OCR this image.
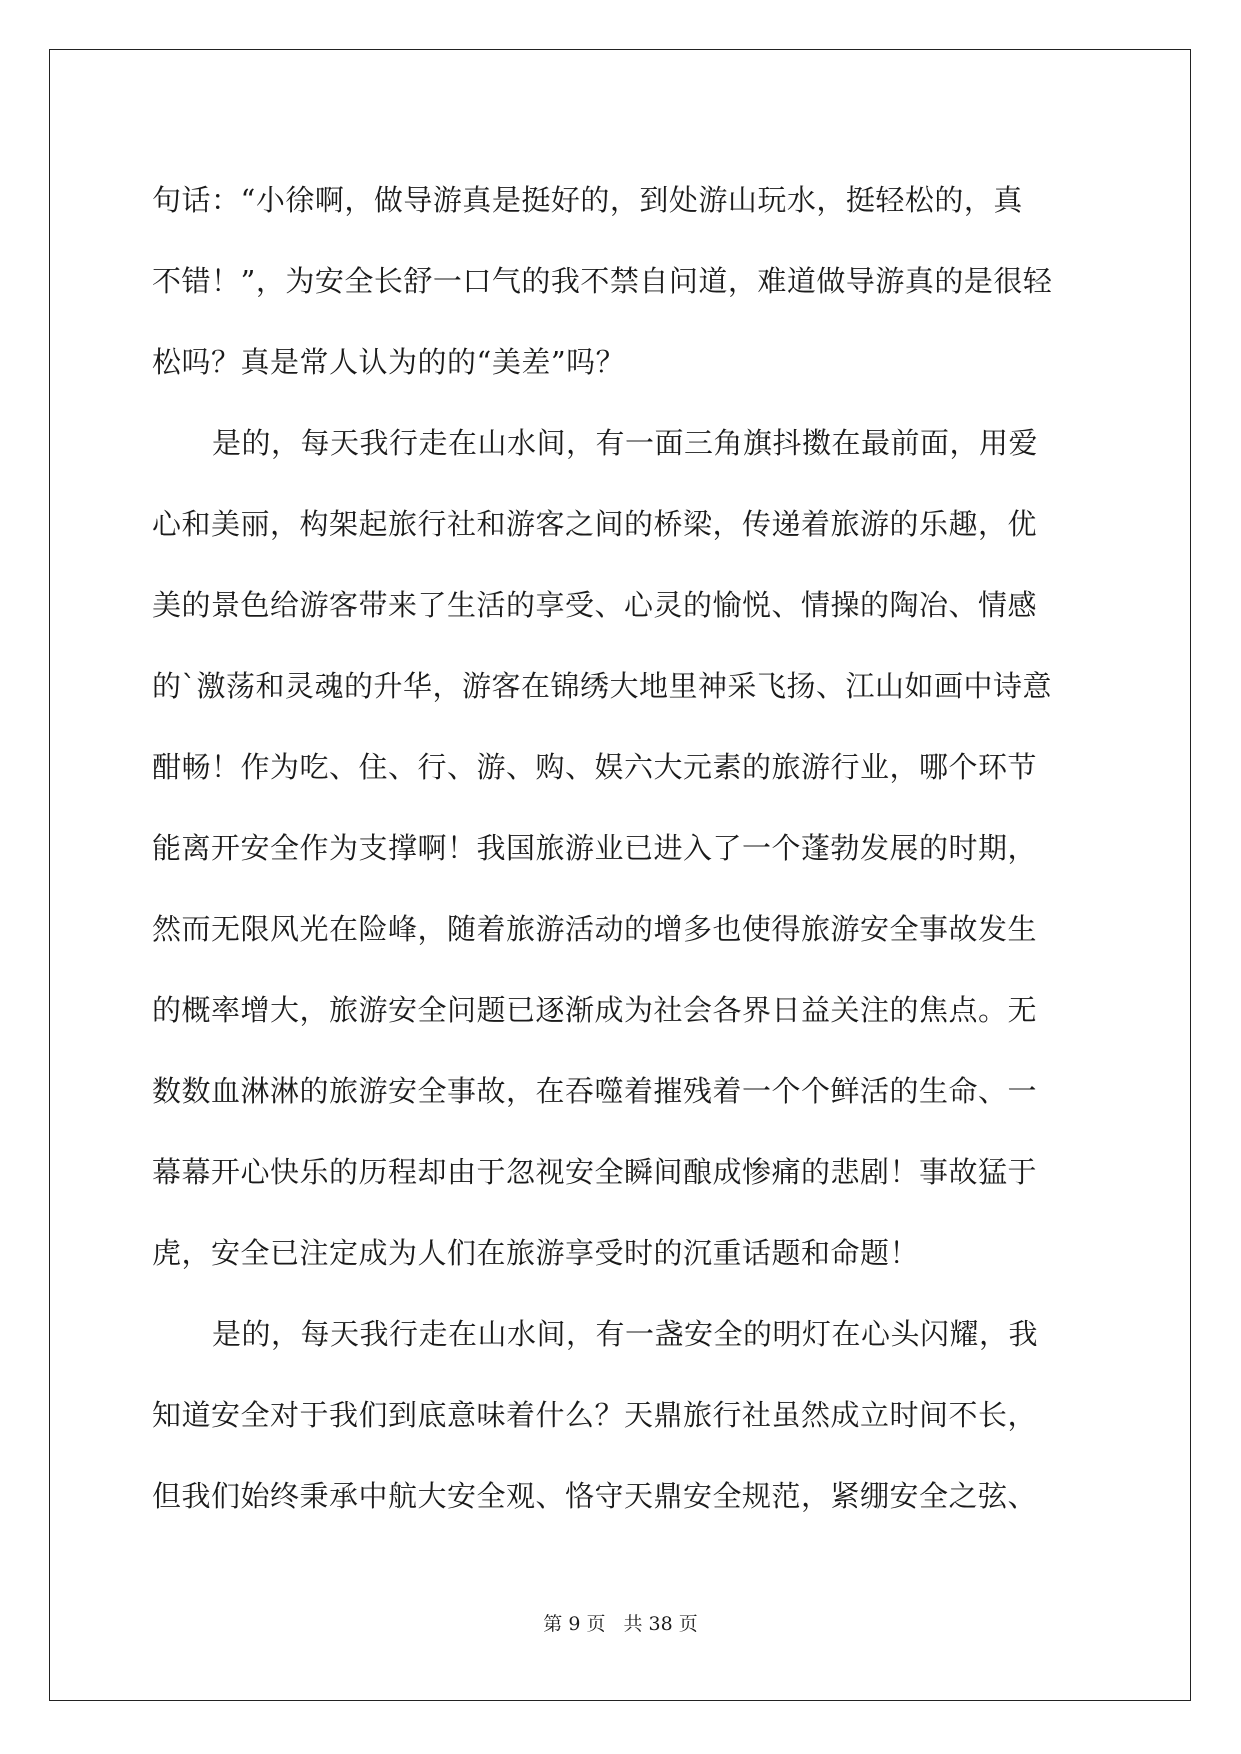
句话：“小徐啊，做导游真是挺好的，到处游山玩水，挺轻松的，真
不错！”，为安全长舒一口气的我不禁自问道，难道做导游真的是很轻
松吗？真是常人认为的的“美差”吗？
是的，每天我行走在山水间，有一面三角旗抖擞在最前面，用爱
心和美丽，构架起旅行社和游客之间的桥梁，传递着旅游的乐趣，优
美的景色给游客带来了生活的享受、心灵的愉悦、情操的陶冶、情感
的`激荡和灵魂的升华，游客在锦绣大地里神采飞扬、江山如画中诗意
酣畅！作为吃、住、行、游、购、娱六大元素的旅游行业，哪个环节
能离开安全作为支撑啊！我国旅游业已进入了一个蓬勃发展的时期，
然而无限风光在险峰，随着旅游活动的增多也使得旅游安全事故发生
的概率增大，旅游安全问题已逐渐成为社会各界日益关注的焦点。无
数数血淋淋的旅游安全事故，在吞噬着摧残着一个个鲜活的生命、一
幕幕开心快乐的历程却由于忽视安全瞬间酿成惨痛的悲剧！事故猛于
虎，安全已注定成为人们在旅游享受时的沉重话题和命题！
是的，每天我行走在山水间，有一盏安全的明灯在心头闪耀，我
知道安全对于我们到底意味着什么？天鼎旅行社虽然成立时间不长，
但我们始终秉承中航大安全观、恪守天鼎安全规范，紧绷安全之弦、
第 9 页 共 38 页
